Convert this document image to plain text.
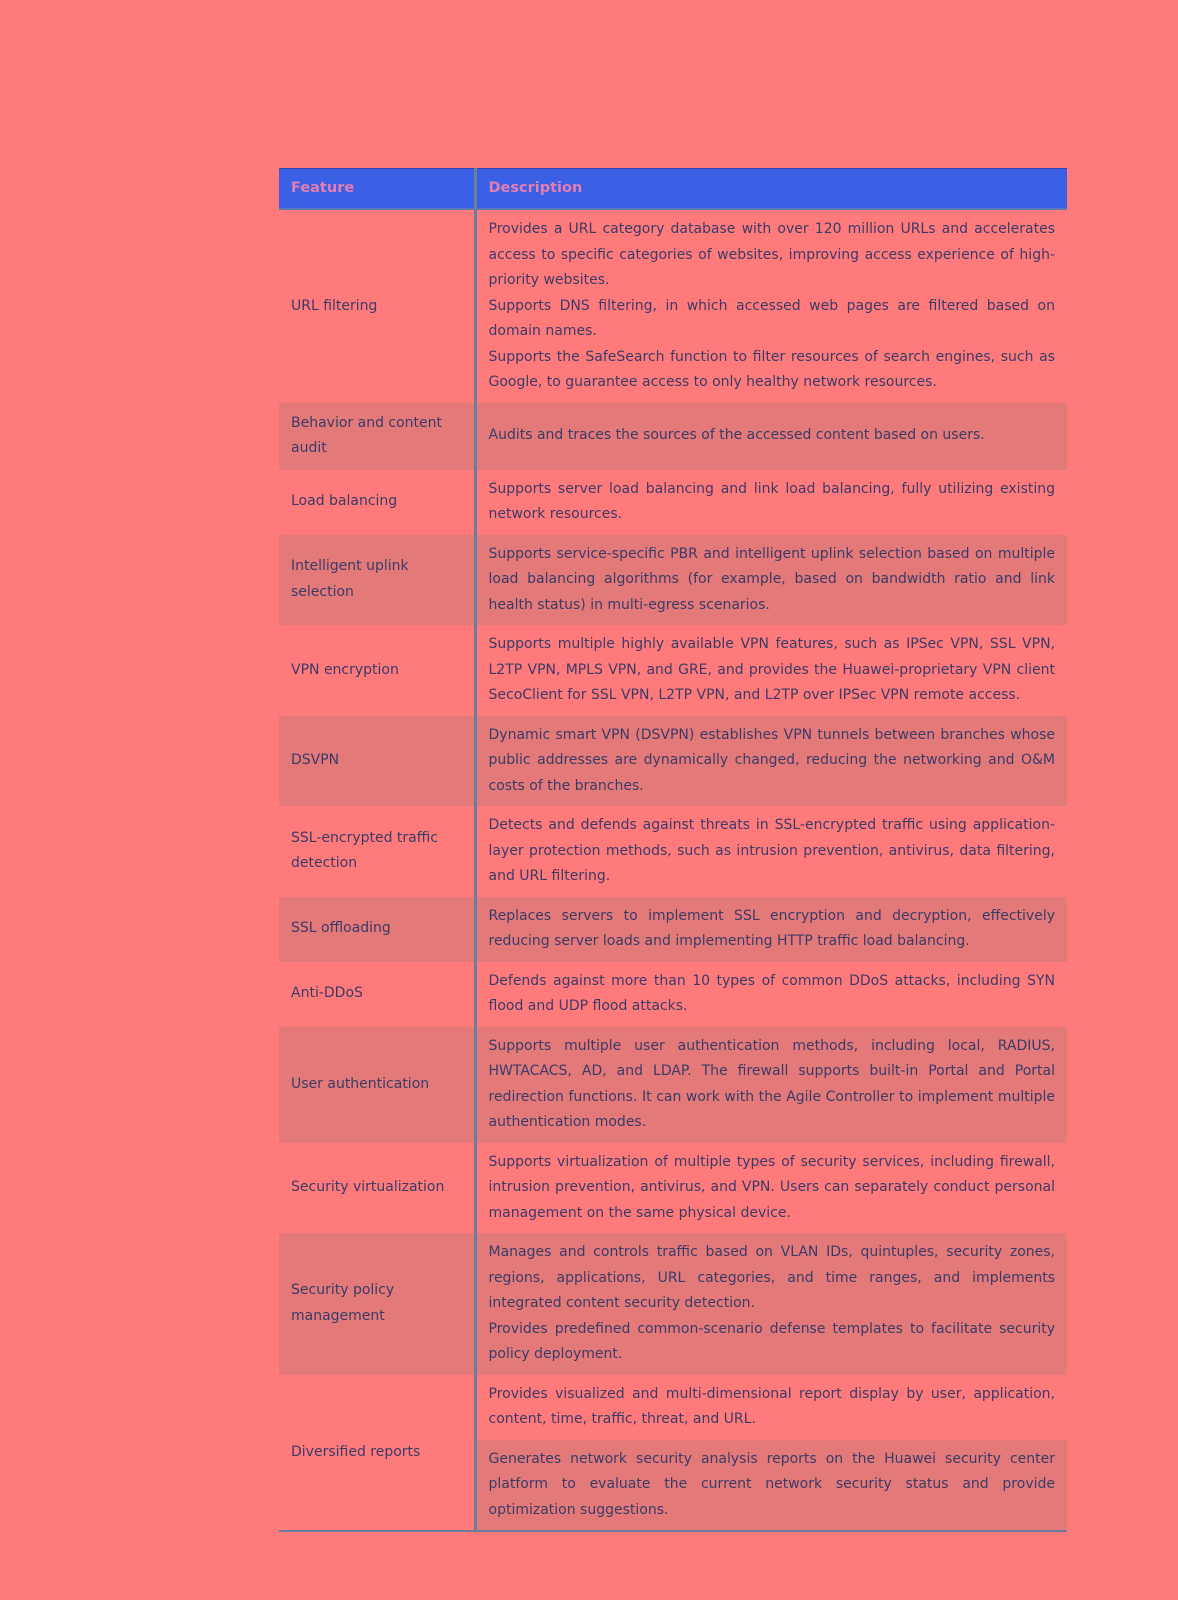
Feature	Description
URL filtering	Provides a URL category database with over 120 million URLs and accelerates access to specific categories of websites, improving access experience of high-priority websites.

Supports DNS filtering, in which accessed web pages are filtered based on domain names.

Supports the SafeSearch function to filter resources of search engines, such as Google, to guarantee access to only healthy network resources.

Behavior and content audit	Audits and traces the sources of the accessed content based on users.

Load balancing	Supports server load balancing and link load balancing, fully utilizing existing network resources.

Intelligent uplink selection	Supports service-specific PBR and intelligent uplink selection based on multiple load balancing algorithms (for example, based on bandwidth ratio and link health status) in multi-egress scenarios.

VPN encryption	Supports multiple highly available VPN features, such as IPSec VPN, SSL VPN, L2TP VPN, MPLS VPN, and GRE, and provides the Huawei-proprietary VPN client SecoClient for SSL VPN, L2TP VPN, and L2TP over IPSec VPN remote access.

DSVPN	Dynamic smart VPN (DSVPN) establishes VPN tunnels between branches whose public addresses are dynamically changed, reducing the networking and O&M costs of the branches.

SSL-encrypted traffic detection	Detects and defends against threats in SSL-encrypted traffic using application-layer protection methods, such as intrusion prevention, antivirus, data filtering, and URL filtering.

SSL offloading	Replaces servers to implement SSL encryption and decryption, effectively reducing server loads and implementing HTTP traffic load balancing.

Anti-DDoS	Defends against more than 10 types of common DDoS attacks, including SYN flood and UDP flood attacks.

User authentication	Supports multiple user authentication methods, including local, RADIUS, HWTACACS, AD, and LDAP. The firewall supports built-in Portal and Portal redirection functions. It can work with the Agile Controller to implement multiple authentication modes.

Security virtualization	Supports virtualization of multiple types of security services, including firewall, intrusion prevention, antivirus, and VPN. Users can separately conduct personal management on the same physical device.

Security policy management	Manages and controls traffic based on VLAN IDs, quintuples, security zones, regions, applications, URL categories, and time ranges, and implements integrated content security detection.

Provides predefined common-scenario defense templates to facilitate security policy deployment.

Diversified reports	Provides visualized and multi-dimensional report display by user, application, content, time, traffic, threat, and URL.

	Generates network security analysis reports on the Huawei security center platform to evaluate the current network security status and provide optimization suggestions.
